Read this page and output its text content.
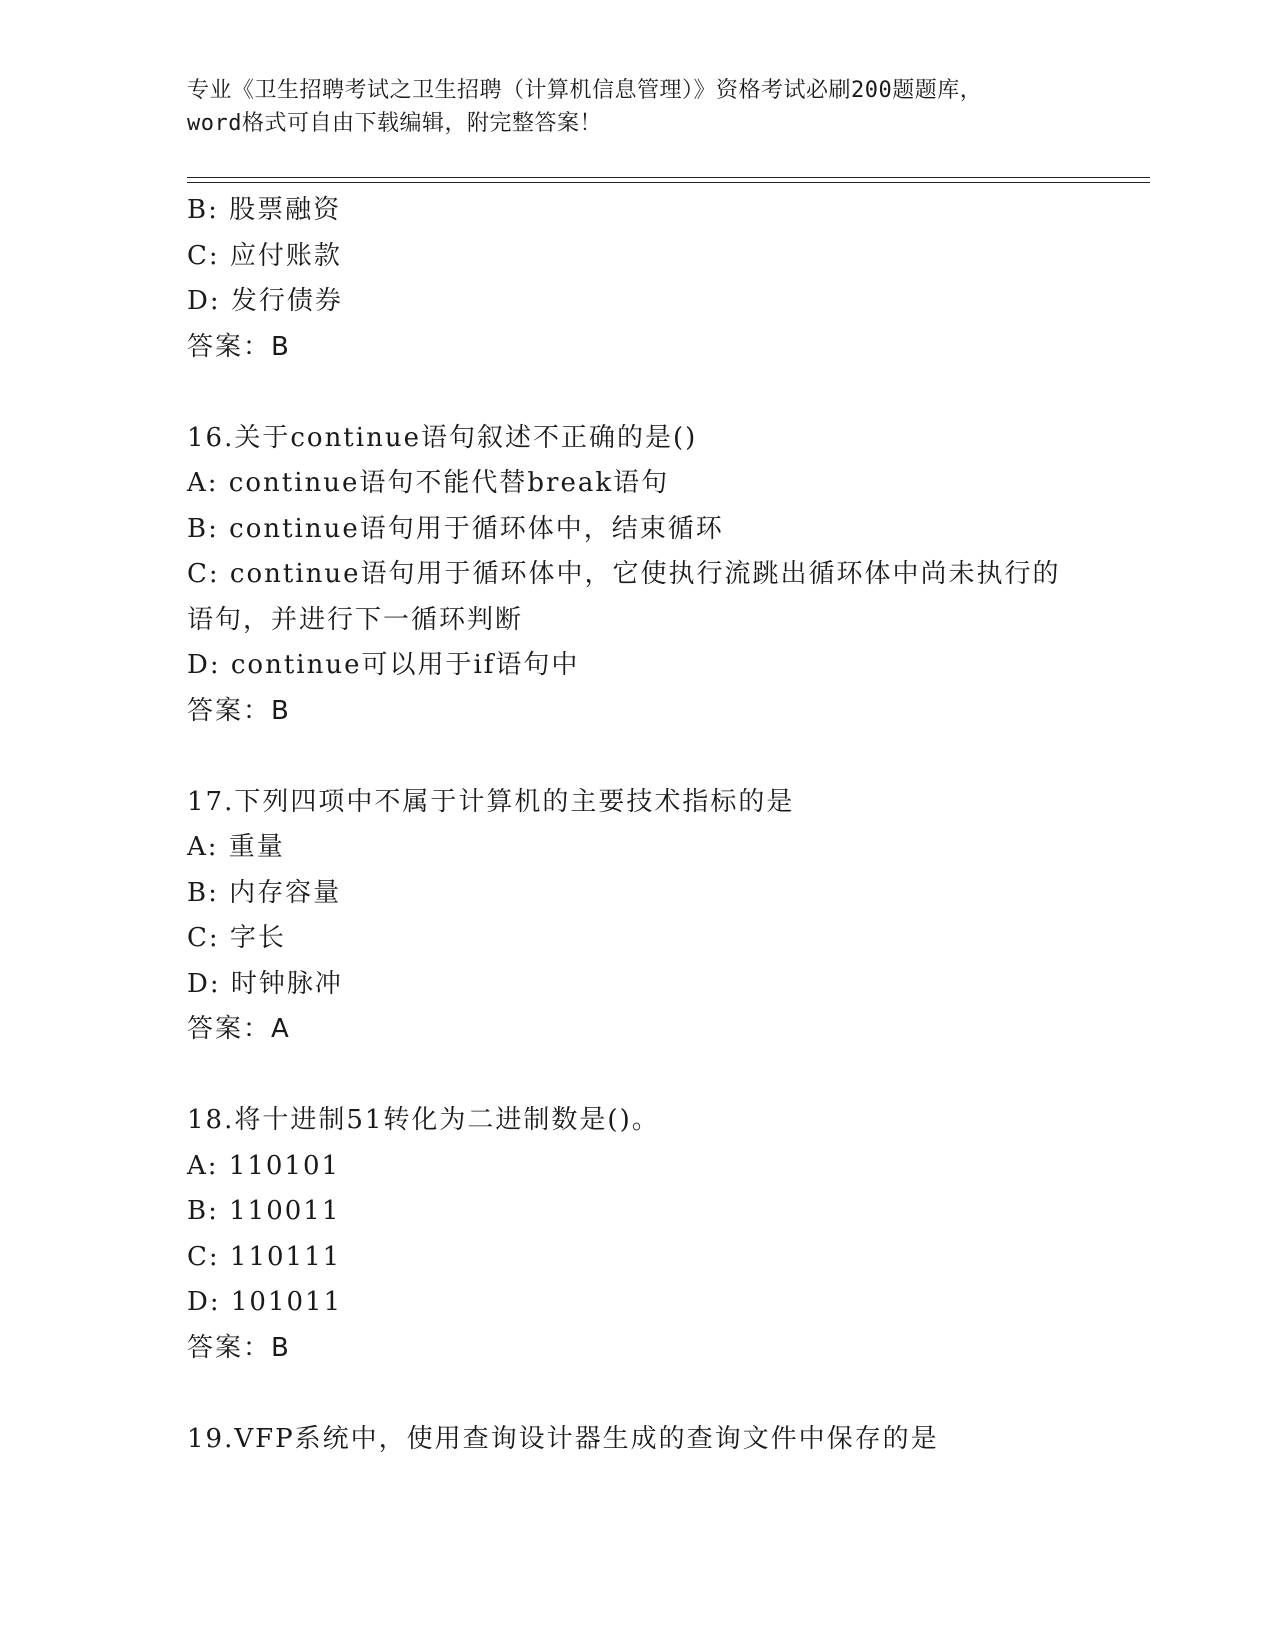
专业《卫生招聘考试之卫生招聘（计算机信息管理）》资格考试必刷200题题库，
word格式可自由下载编辑，附完整答案！
B: 股票融资
C: 应付账款
D: 发行债券
答案：B
16.关于continue语句叙述不正确的是()
A: continue语句不能代替break语句
B: continue语句用于循环体中，结束循环
C: continue语句用于循环体中，它使执行流跳出循环体中尚未执行的
语句，并进行下一循环判断
D: continue可以用于if语句中
答案：B
17.下列四项中不属于计算机的主要技术指标的是
A: 重量
B: 内存容量
C: 字长
D: 时钟脉冲
答案：A
18.将十进制51转化为二进制数是()。
A: 110101
B: 110011
C: 110111
D: 101011
答案：B
19.VFP系统中，使用查询设计器生成的查询文件中保存的是
